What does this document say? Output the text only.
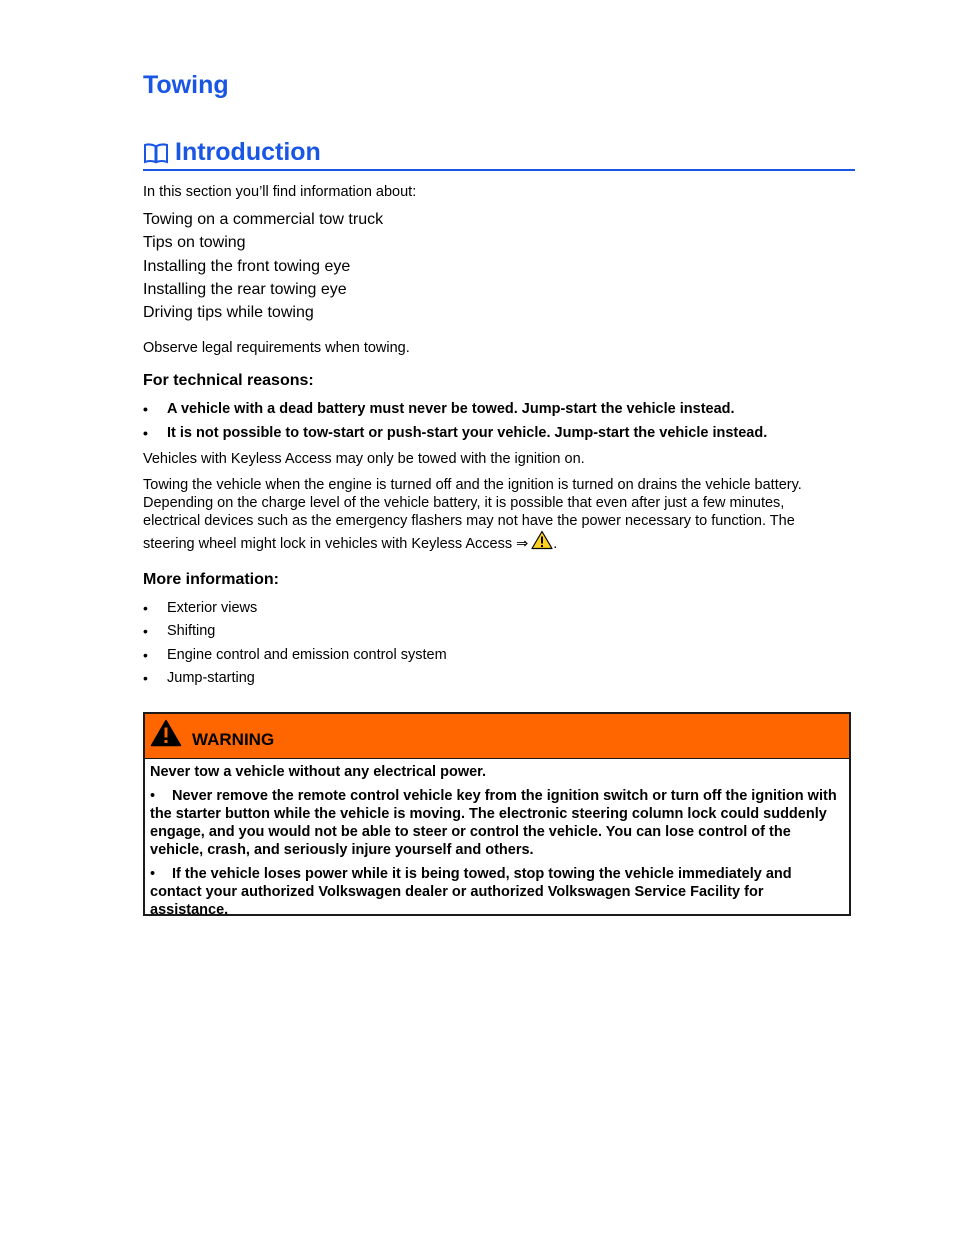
Towing
Introduction
In this section you’ll find information about:
Towing on a commercial tow truck
Tips on towing
Installing the front towing eye
Installing the rear towing eye
Driving tips while towing
Observe legal requirements when towing.
For technical reasons:
• A vehicle with a dead battery must never be towed. Jump-start the vehicle instead.
• It is not possible to tow-start or push-start your vehicle. Jump-start the vehicle instead.

Vehicles with Keyless Access may only be towed with the ignition on.

Towing the vehicle when the engine is turned off and the ignition is turned on drains the vehicle battery. Depending on the charge level of the vehicle battery, it is possible that even after just a few minutes, electrical devices such as the emergency flashers may not have the power necessary to function. The steering wheel might lock in vehicles with Keyless Access ⇒ .

More information:
• Exterior views
• Shifting
• Engine control and emission control system
• Jump-starting
WARNING

Never tow a vehicle without any electrical power.

• Never remove the remote control vehicle key from the ignition switch or turn off the ignition with the starter button while the vehicle is moving. The electronic steering column lock could suddenly engage, and you would not be able to steer or control the vehicle. You can lose control of the vehicle, crash, and seriously injure yourself and others.
• If the vehicle loses power while it is being towed, stop towing the vehicle immediately and contact your authorized Volkswagen dealer or authorized Volkswagen Service Facility for assistance.
